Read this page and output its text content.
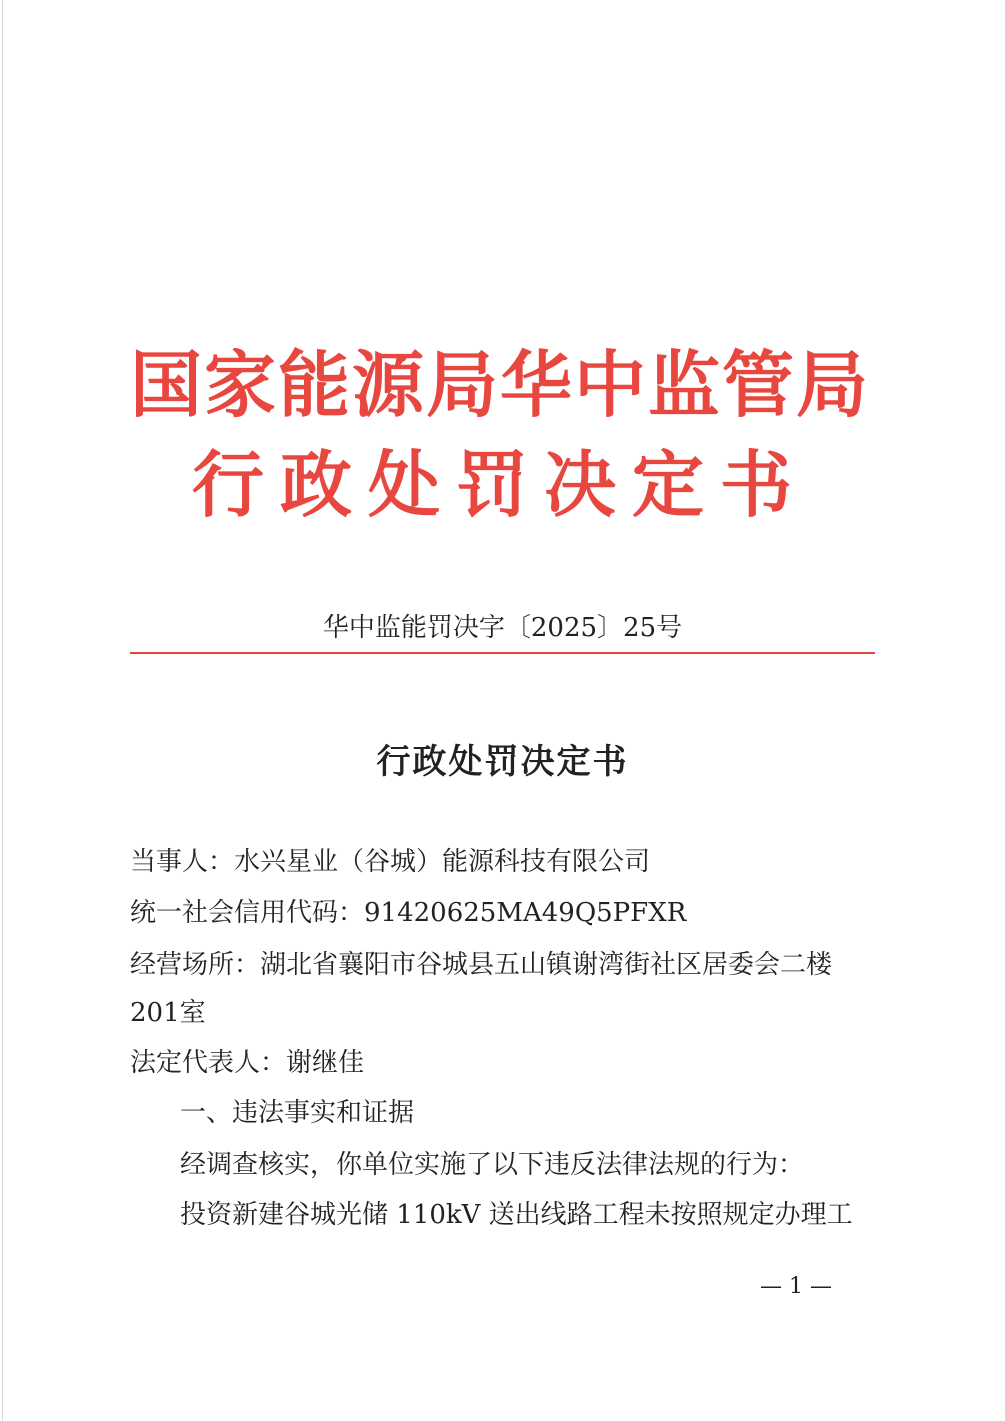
国家能源局华中监管局
行政处罚决定书
华中监能罚决字〔2025〕25号
行政处罚决定书
当事人：水兴星业（谷城）能源科技有限公司
统一社会信用代码：91420625MA49Q5PFXR
经营场所：湖北省襄阳市谷城县五山镇谢湾街社区居委会二楼
201室
法定代表人：谢继佳
一、违法事实和证据
经调查核实，你单位实施了以下违反法律法规的行为：
投资新建谷城光储 110kV 送出线路工程未按照规定办理工
— 1 —
